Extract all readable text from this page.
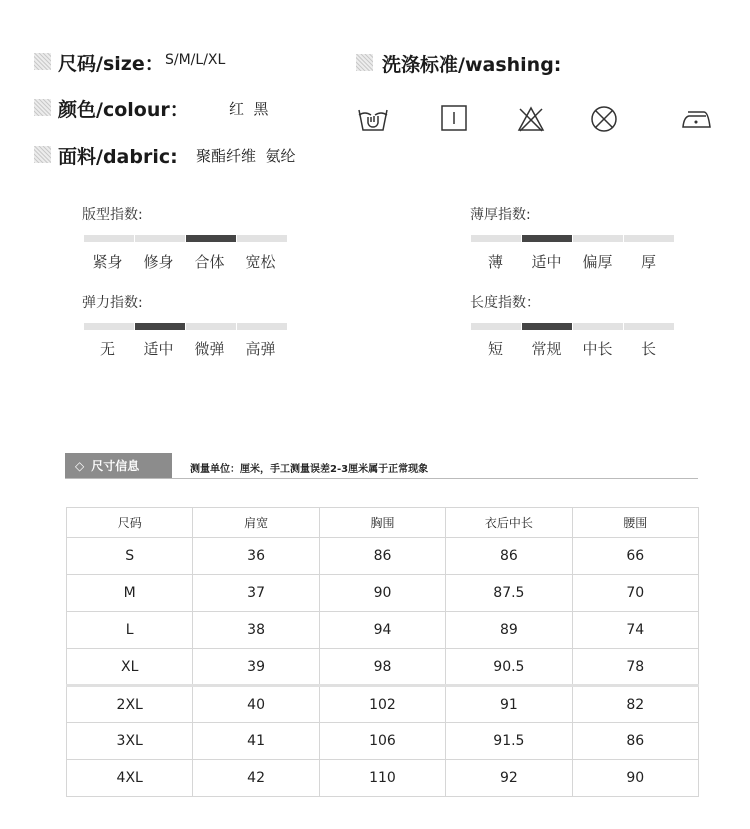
尺码/size： S/M/L/XL
颜色/colour：	红  黑
面料/dabric: 聚酯纤维  氨纶
洗涤标准/washing:
版型指数:
紧身	修身	合体	宽松
薄厚指数:
薄	适中	偏厚	厚
弹力指数:
无	适中	微弹	高弹
长度指数：
短	常规	中长	长
◇ 尺寸信息	测量单位：厘米，手工测量误差2-3厘米属于正常现象
尺码	肩宽	胸围	衣后中长	腰围
S	36	86	86	66
M	37	90	87.5	70
L	38	94	89	74
XL	39	98	90.5	78
2XL	40	102	91	82
3XL	41	106	91.5	86
4XL	42	110	92	90
